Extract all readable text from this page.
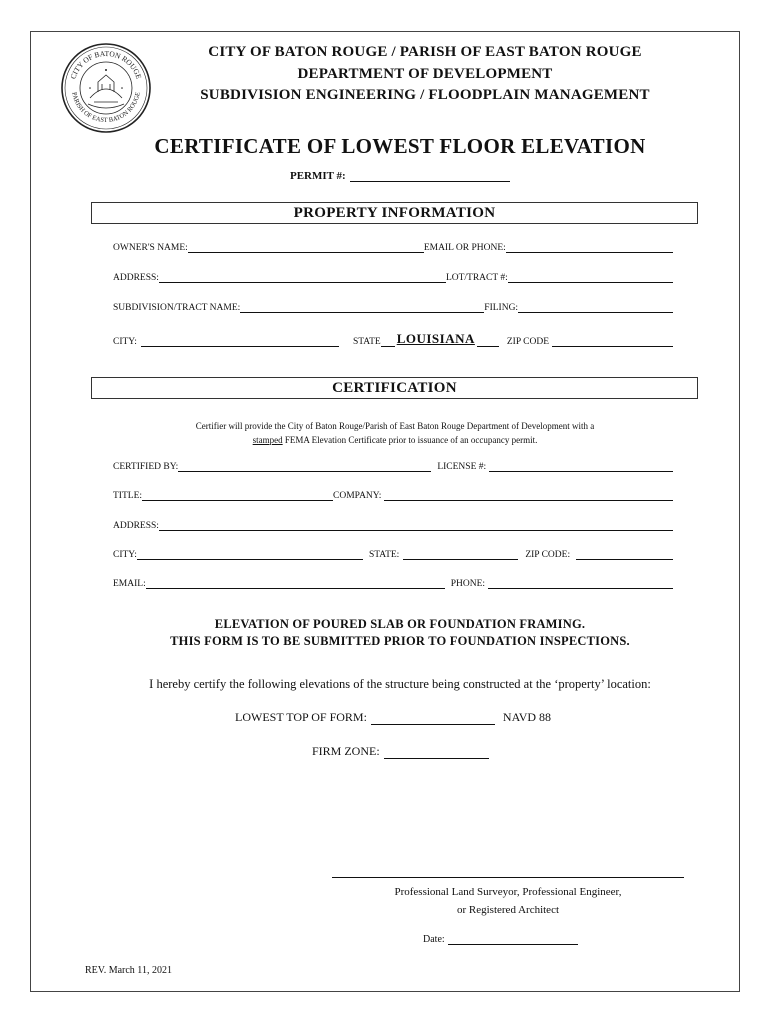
CITY OF BATON ROUGE
PARISH OF EAST BATON ROUGE
CITY OF BATON ROUGE / PARISH OF EAST BATON ROUGE
DEPARTMENT OF DEVELOPMENT
SUBDIVISION ENGINEERING / FLOODPLAIN MANAGEMENT
CERTIFICATE OF LOWEST FLOOR ELEVATION
PERMIT #:
PROPERTY INFORMATION
OWNER'S NAME:	EMAIL OR PHONE:
ADDRESS:	LOT/TRACT #:
SUBDIVISION/TRACT NAME:	FILING:
CITY:	STATE LOUISIANA	ZIP CODE
CERTIFICATION
Certifier will provide the City of Baton Rouge/Parish of East Baton Rouge Department of Development with a
stamped FEMA Elevation Certificate prior to issuance of an occupancy permit.
CERTIFIED BY:	LICENSE #:
TITLE:	COMPANY:
ADDRESS:
CITY:	STATE:	ZIP CODE:
EMAIL:	PHONE:
ELEVATION OF POURED SLAB OR FOUNDATION FRAMING.
THIS FORM IS TO BE SUBMITTED PRIOR TO FOUNDATION INSPECTIONS.
I hereby certify the following elevations of the structure being constructed at the ‘property’ location:
LOWEST TOP OF FORM:	NAVD 88
FIRM ZONE:
Professional Land Surveyor, Professional Engineer,
or Registered Architect
Date:
REV. March 11, 2021
